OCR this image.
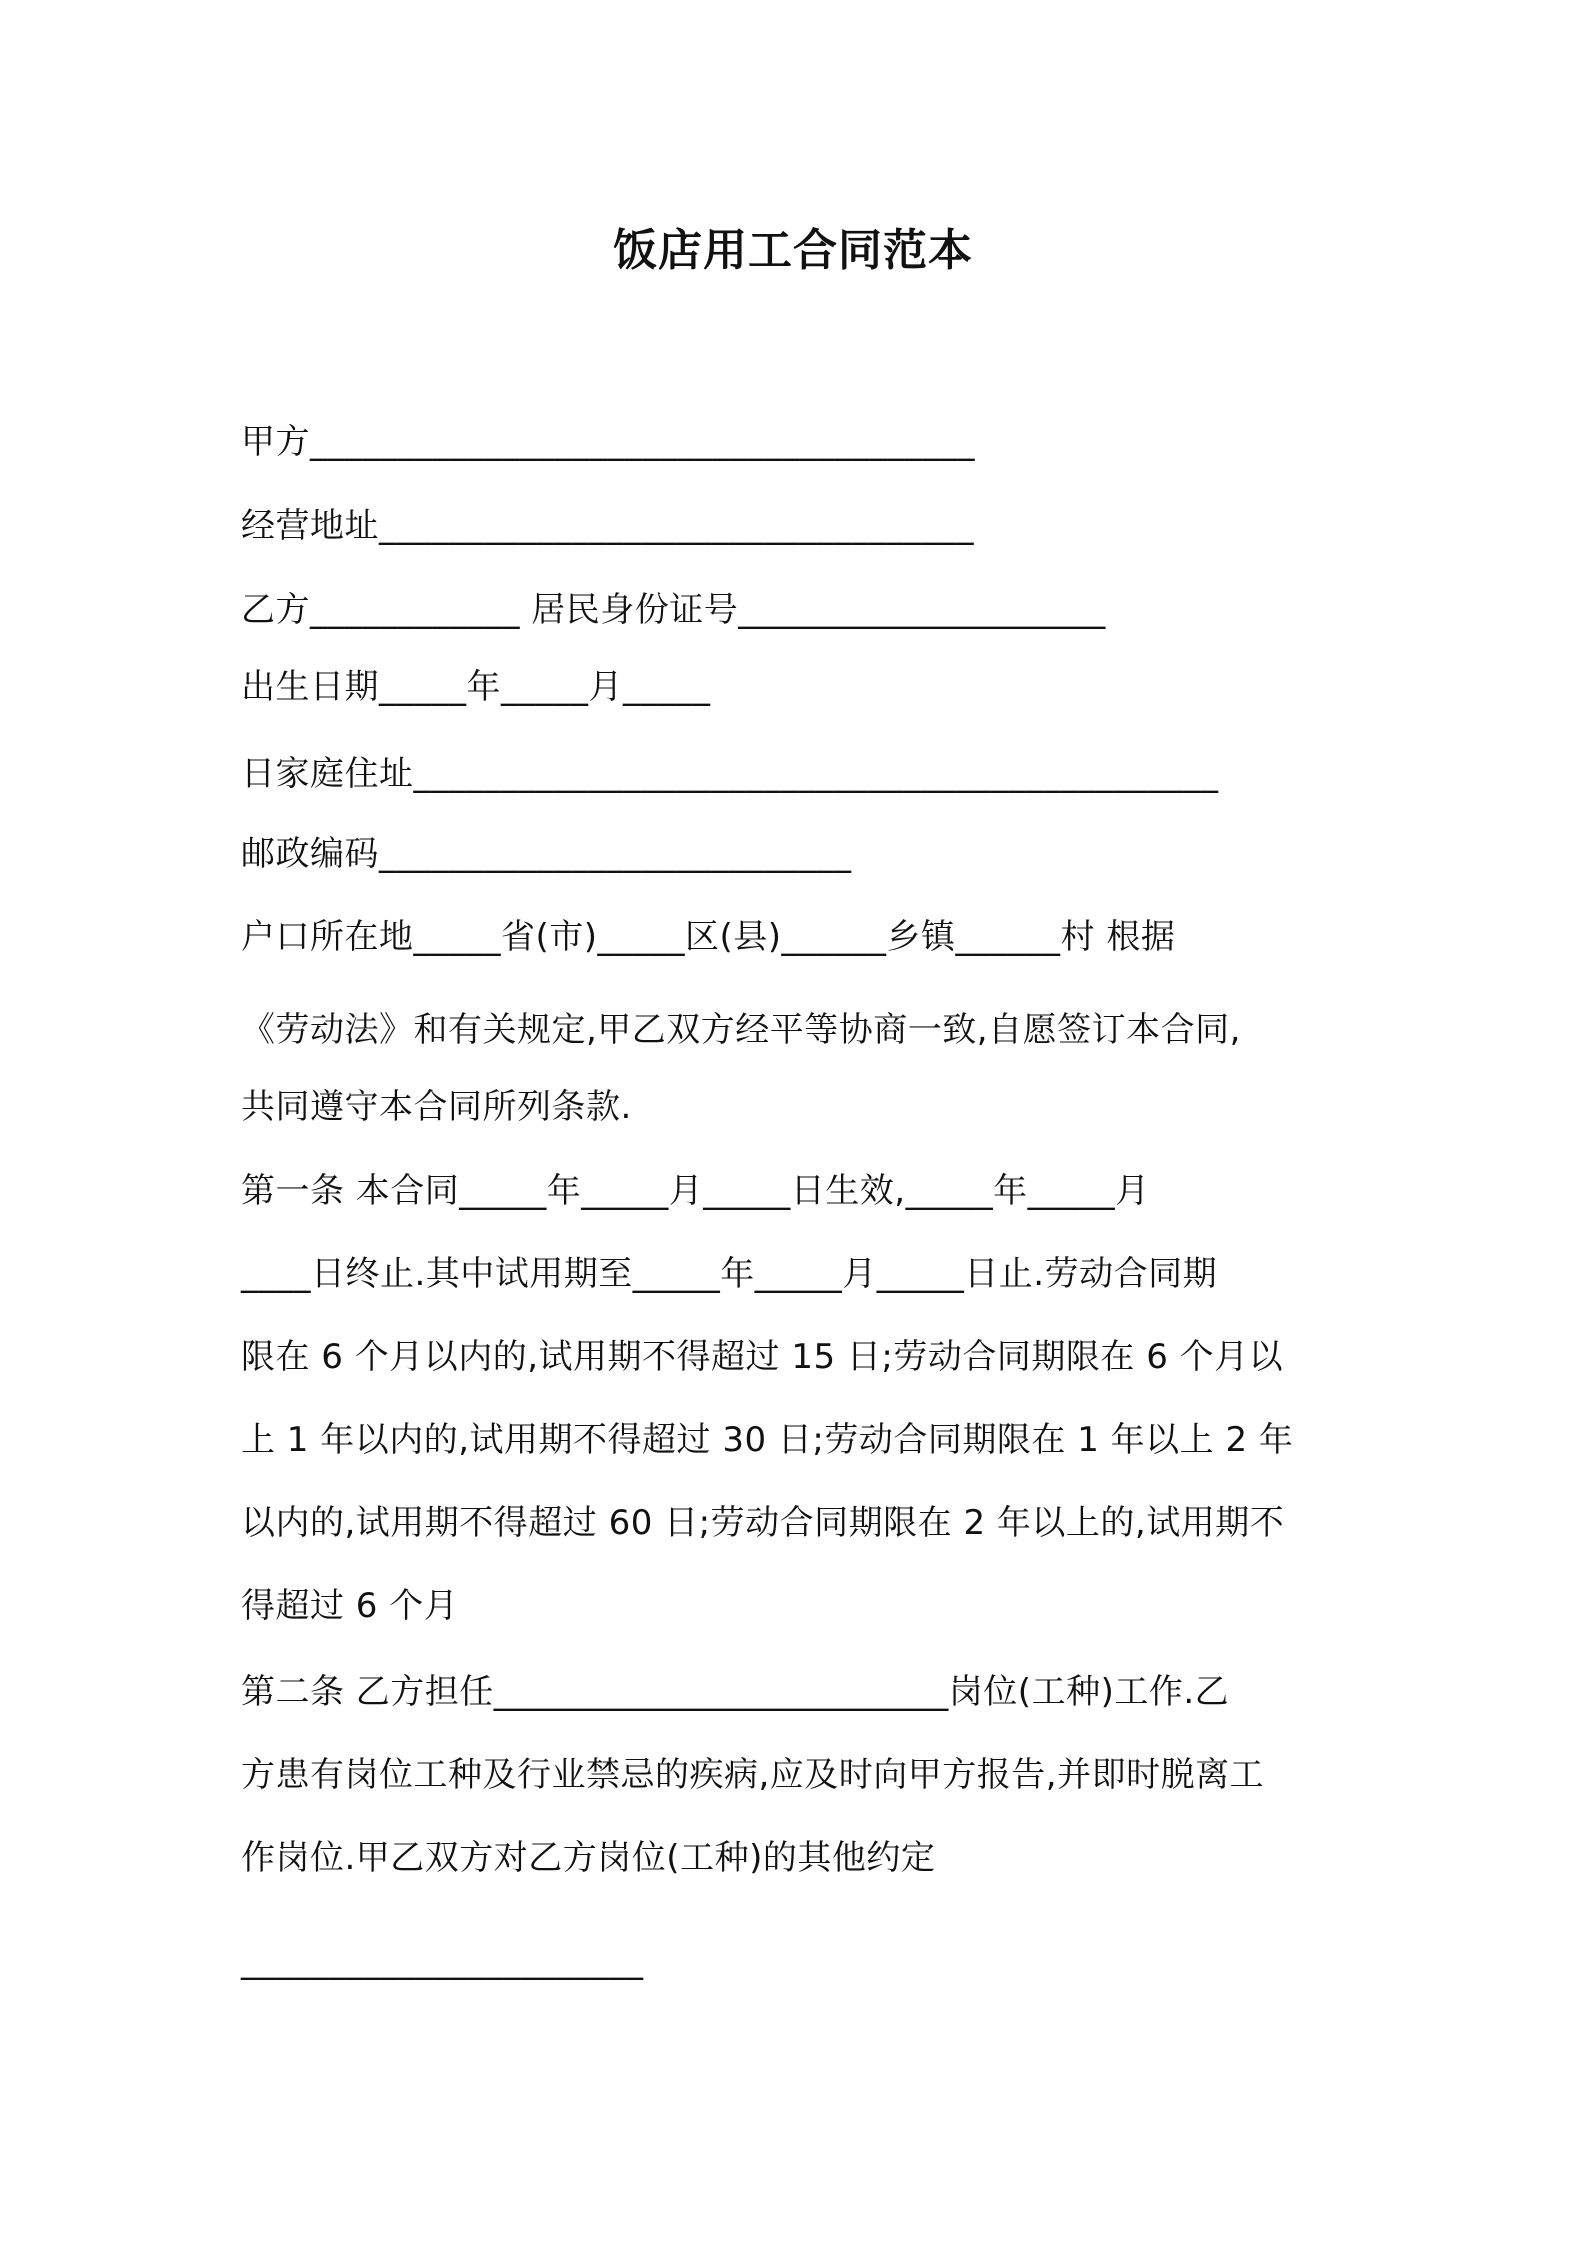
饭店用工合同范本
甲方______________________________________
经营地址__________________________________
乙方____________ 居民身份证号_____________________
出生日期_____年_____月_____
日家庭住址______________________________________________
邮政编码___________________________
户口所在地_____省(市)_____区(县)______乡镇______村 根据
《劳动法》和有关规定,甲乙双方经平等协商一致,自愿签订本合同,
共同遵守本合同所列条款.
第一条 本合同_____年_____月_____日生效,_____年_____月
____日终止.其中试用期至_____年_____月_____日止.劳动合同期
限在 6 个月以内的,试用期不得超过 15 日;劳动合同期限在 6 个月以
上 1 年以内的,试用期不得超过 30 日;劳动合同期限在 1 年以上 2 年
以内的,试用期不得超过 60 日;劳动合同期限在 2 年以上的,试用期不
得超过 6 个月
第二条 乙方担任__________________________岗位(工种)工作.乙
方患有岗位工种及行业禁忌的疾病,应及时向甲方报告,并即时脱离工
作岗位.甲乙双方对乙方岗位(工种)的其他约定
_______________________
